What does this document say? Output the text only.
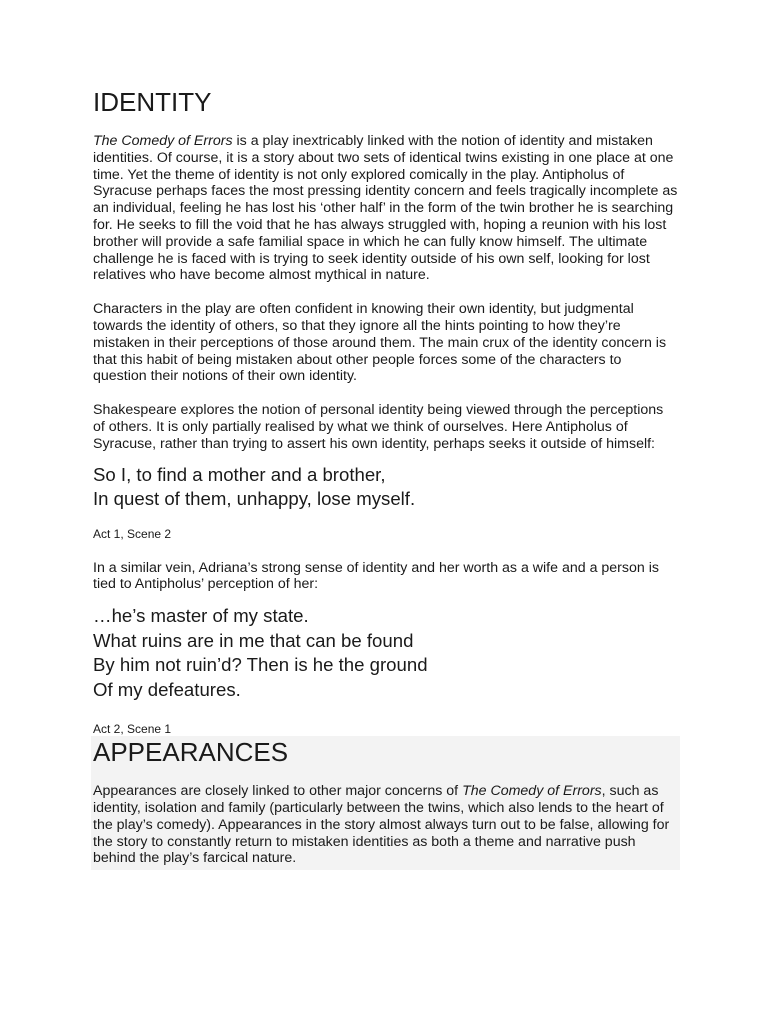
IDENTITY

The Comedy of Errors is a play inextricably linked with the notion of identity and mistaken identities. Of course, it is a story about two sets of identical twins existing in one place at one time. Yet the theme of identity is not only explored comically in the play. Antipholus of Syracuse perhaps faces the most pressing identity concern and feels tragically incomplete as an individual, feeling he has lost his ‘other half’ in the form of the twin brother he is searching for. He seeks to fill the void that he has always struggled with, hoping a reunion with his lost brother will provide a safe familial space in which he can fully know himself. The ultimate challenge he is faced with is trying to seek identity outside of his own self, looking for lost relatives who have become almost mythical in nature.

Characters in the play are often confident in knowing their own identity, but judgmental towards the identity of others, so that they ignore all the hints pointing to how they’re mistaken in their perceptions of those around them. The main crux of the identity concern is that this habit of being mistaken about other people forces some of the characters to question their notions of their own identity.

Shakespeare explores the notion of personal identity being viewed through the perceptions of others. It is only partially realised by what we think of ourselves. Here Antipholus of Syracuse, rather than trying to assert his own identity, perhaps seeks it outside of himself:

So I, to find a mother and a brother,
In quest of them, unhappy, lose myself.

Act 1, Scene 2

In a similar vein, Adriana’s strong sense of identity and her worth as a wife and a person is tied to Antipholus’ perception of her:

…he’s master of my state.
What ruins are in me that can be found
By him not ruin’d? Then is he the ground
Of my defeatures.

Act 2, Scene 1

APPEARANCES

Appearances are closely linked to other major concerns of The Comedy of Errors, such as identity, isolation and family (particularly between the twins, which also lends to the heart of the play’s comedy). Appearances in the story almost always turn out to be false, allowing for the story to constantly return to mistaken identities as both a theme and narrative push behind the play’s farcical nature.
